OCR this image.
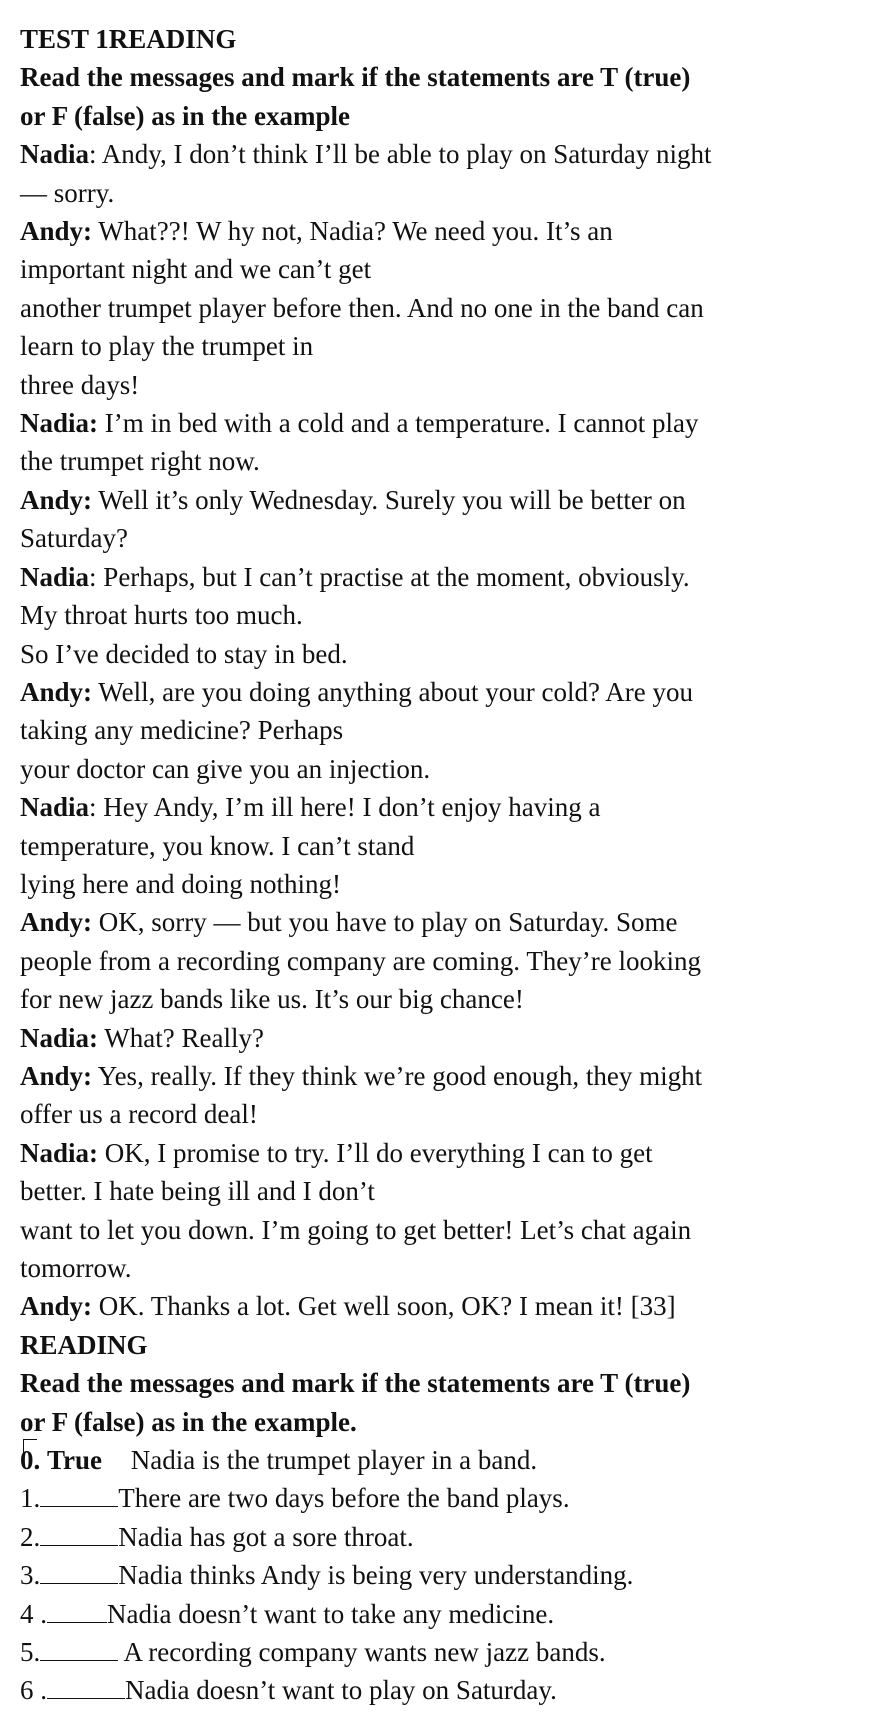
TEST 1READING
Read the messages and mark if the statements are T (true)
or F (false) as in the example
Nadia: Andy, I don’t think I’ll be able to play on Saturday night
— sorry.
Andy: What??! W hy not, Nadia? We need you. It’s an
important night and we can’t get
another trumpet player before then. And no one in the band can
learn to play the trumpet in
three days!
Nadia: I’m in bed with a cold and a temperature. I cannot play
the trumpet right now.
Andy: Well it’s only Wednesday. Surely you will be better on
Saturday?
Nadia: Perhaps, but I can’t practise at the moment, obviously.
My throat hurts too much.
So I’ve decided to stay in bed.
Andy: Well, are you doing anything about your cold? Are you
taking any medicine? Perhaps
your doctor can give you an injection.
Nadia: Hey Andy, I’m ill here! I don’t enjoy having a
temperature, you know. I can’t stand
lying here and doing nothing!
Andy: OK, sorry — but you have to play on Saturday. Some
people from a recording company are coming. They’re looking
for new jazz bands like us. It’s our big chance!
Nadia: What? Really?
Andy: Yes, really. If they think we’re good enough, they might
offer us a record deal!
Nadia: OK, I promise to try. I’ll do everything I can to get
better. I hate being ill and I don’t
want to let you down. I’m going to get better! Let’s chat again
tomorrow.
Andy: OK. Thanks a lot. Get well soon, OK? I mean it! [33]
READING
Read the messages and mark if the statements are T (true)
or F (false) as in the example.
0. True Nadia is the trumpet player in a band.
1.	There are two days before the band plays.
2.	Nadia has got a sore throat.
3.	Nadia thinks Andy is being very understanding.
4 . Nadia doesn’t want to take any medicine.
5.	A recording company wants new jazz bands.
6 .	Nadia doesn’t want to play on Saturday.
